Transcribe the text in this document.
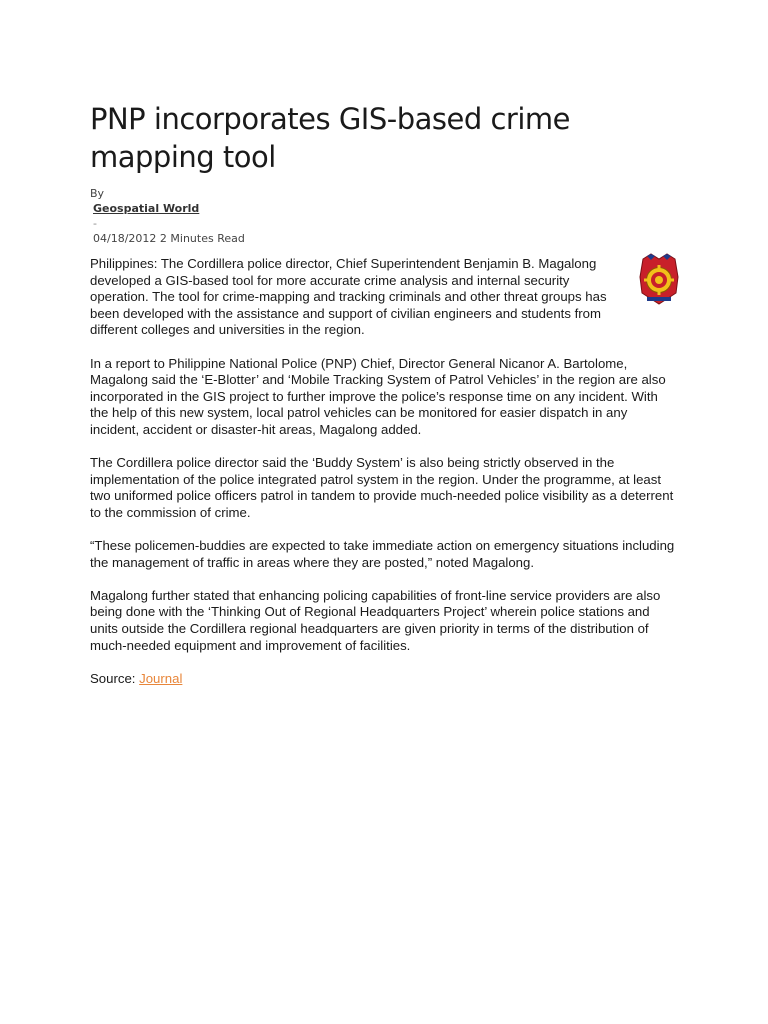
PNP incorporates GIS-based crime mapping tool
By
Geospatial World
-
04/18/2012 2 Minutes Read

Philippines: The Cordillera police director, Chief Superintendent Benjamin B. Magalong developed a GIS-based tool for more accurate crime analysis and internal security operation. The tool for crime-mapping and tracking criminals and other threat groups has been developed with the assistance and support of civilian engineers and students from different colleges and universities in the region.

In a report to Philippine National Police (PNP) Chief, Director General Nicanor A. Bartolome, Magalong said the ‘E-Blotter’ and ‘Mobile Tracking System of Patrol Vehicles’ in the region are also incorporated in the GIS project to further improve the police’s response time on any incident. With the help of this new system, local patrol vehicles can be monitored for easier dispatch in any incident, accident or disaster-hit areas, Magalong added.

The Cordillera police director said the ‘Buddy System’ is also being strictly observed in the implementation of the police integrated patrol system in the region. Under the programme, at least two uniformed police officers patrol in tandem to provide much-needed police visibility as a deterrent to the commission of crime.

“These policemen-buddies are expected to take immediate action on emergency situations including the management of traffic in areas where they are posted,” noted Magalong.

Magalong further stated that enhancing policing capabilities of front-line service providers are also being done with the ‘Thinking Out of Regional Headquarters Project’ wherein police stations and units outside the Cordillera regional headquarters are given priority in terms of the distribution of much-needed equipment and improvement of facilities.

Source: Journal
